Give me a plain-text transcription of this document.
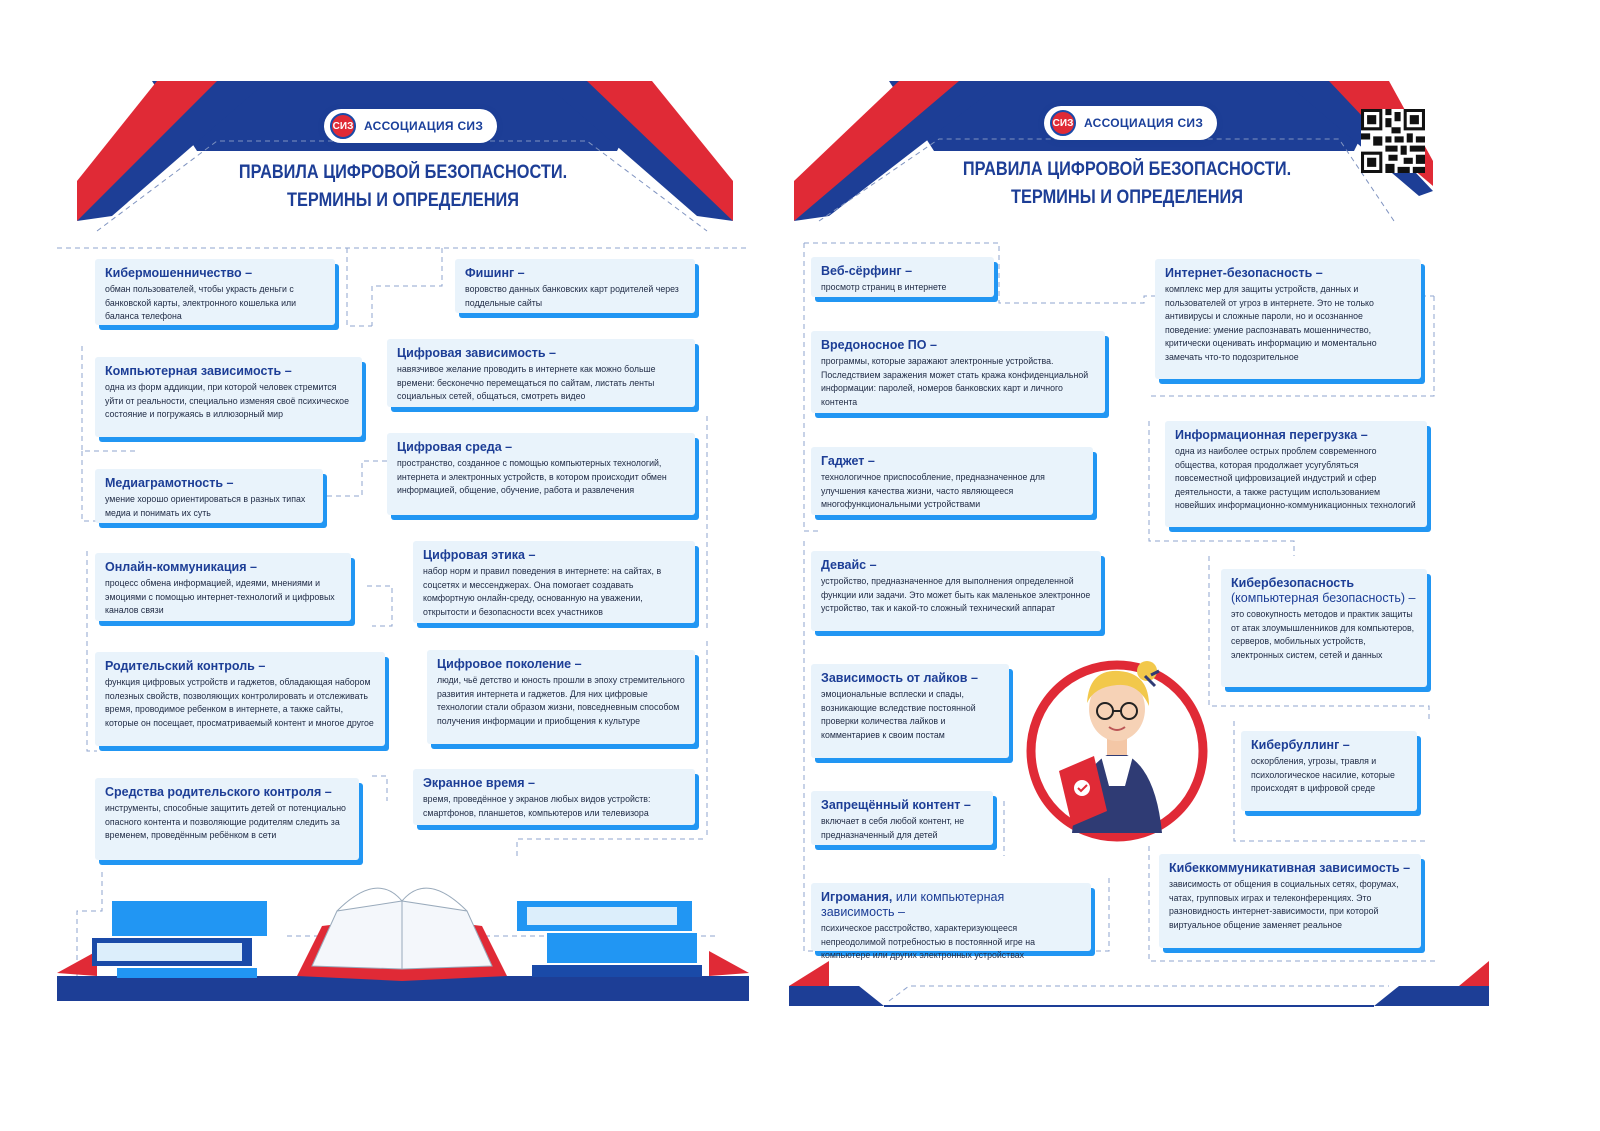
СИЗ АССОЦИАЦИЯ СИЗ
ПРАВИЛА ЦИФРОВОЙ БЕЗОПАСНОСТИ.
ТЕРМИНЫ И ОПРЕДЕЛЕНИЯ
Кибермошенничество –
обман пользователей, чтобы украсть деньги с банковской карты, электронного кошелька или баланса телефона
Фишинг –
воровство данных банковских карт родителей через поддельные сайты
Компьютерная зависимость –
одна из форм аддикции, при которой человек стремится уйти от реальности, специально изменяя своё психическое состояние и погружаясь в иллюзорный мир
Цифровая зависимость –
навязчивое желание проводить в интернете как можно больше времени: бесконечно перемещаться по сайтам, листать ленты социальных сетей, общаться, смотреть видео
Медиаграмотность –
умение хорошо ориентироваться в разных типах медиа и понимать их суть
Цифровая среда –
пространство, созданное с помощью компьютерных технологий, интернета и электронных устройств, в котором происходит обмен информацией, общение, обучение, работа и развлечения
Онлайн-коммуникация –
процесс обмена информацией, идеями, мнениями и эмоциями с помощью интернет-технологий и цифровых каналов связи
Цифровая этика –
набор норм и правил поведения в интернете: на сайтах, в соцсетях и мессенджерах. Она помогает создавать комфортную онлайн-среду, основанную на уважении, открытости и безопасности всех участников
Родительский контроль –
функция цифровых устройств и гаджетов, обладающая набором полезных свойств, позволяющих контролировать и отслеживать время, проводимое ребенком в интернете, а также сайты, которые он посещает, просматриваемый контент и многое другое
Цифровое поколение –
люди, чьё детство и юность прошли в эпоху стремительного развития интернета и гаджетов. Для них цифровые технологии стали образом жизни, повседневным способом получения информации и приобщения к культуре
Средства родительского контроля –
инструменты, способные защитить детей от потенциально опасного контента и позволяющие родителям следить за временем, проведённым ребёнком в сети
Экранное время –
время, проведённое у экранов любых видов устройств: смартфонов, планшетов, компьютеров или телевизора
СИЗ АССОЦИАЦИЯ СИЗ
ПРАВИЛА ЦИФРОВОЙ БЕЗОПАСНОСТИ.
ТЕРМИНЫ И ОПРЕДЕЛЕНИЯ
Веб-сёрфинг –
просмотр страниц в интернете
Интернет-безопасность –
комплекс мер для защиты устройств, данных и пользователей от угроз в интернете. Это не только антивирусы и сложные пароли, но и осознанное поведение: умение распознавать мошенничество, критически оценивать информацию и моментально замечать что-то подозрительное
Вредоносное ПО –
программы, которые заражают электронные устройства. Последствием заражения может стать кража конфиденциальной информации: паролей, номеров банковских карт и личного контента
Информационная перегрузка –
одна из наиболее острых проблем современного общества, которая продолжает усугубляться повсеместной цифровизацией индустрий и сфер деятельности, а также растущим использованием новейших информационно-коммуникационных технологий
Гаджет –
технологичное приспособление, предназначенное для улучшения качества жизни, часто являющееся многофункциональными устройствами
Девайс –
устройство, предназначенное для выполнения определенной функции или задачи. Это может быть как маленькое электронное устройство, так и какой-то сложный технический аппарат
Кибербезопасность
(компьютерная безопасность) –
это совокупность методов и практик защиты от атак злоумышленников для компьютеров, серверов, мобильных устройств, электронных систем, сетей и данных
Зависимость от лайков –
эмоциональные всплески и спады, возникающие вследствие постоянной проверки количества лайков и комментариев к своим постам
Кибербуллинг –
оскорбления, угрозы, травля и психологическое насилие, которые происходят в цифровой среде
Запрещённый контент –
включает в себя любой контент, не предназначенный для детей
Игромания, или компьютерная зависимость –
психическое расстройство, характеризующееся непреодолимой потребностью в постоянной игре на компьютере или других электронных устройствах
Кибеккоммуникативная зависимость –
зависимость от общения в социальных сетях, форумах, чатах, групповых играх и телеконференциях. Это разновидность интернет-зависимости, при которой виртуальное общение заменяет реальное
